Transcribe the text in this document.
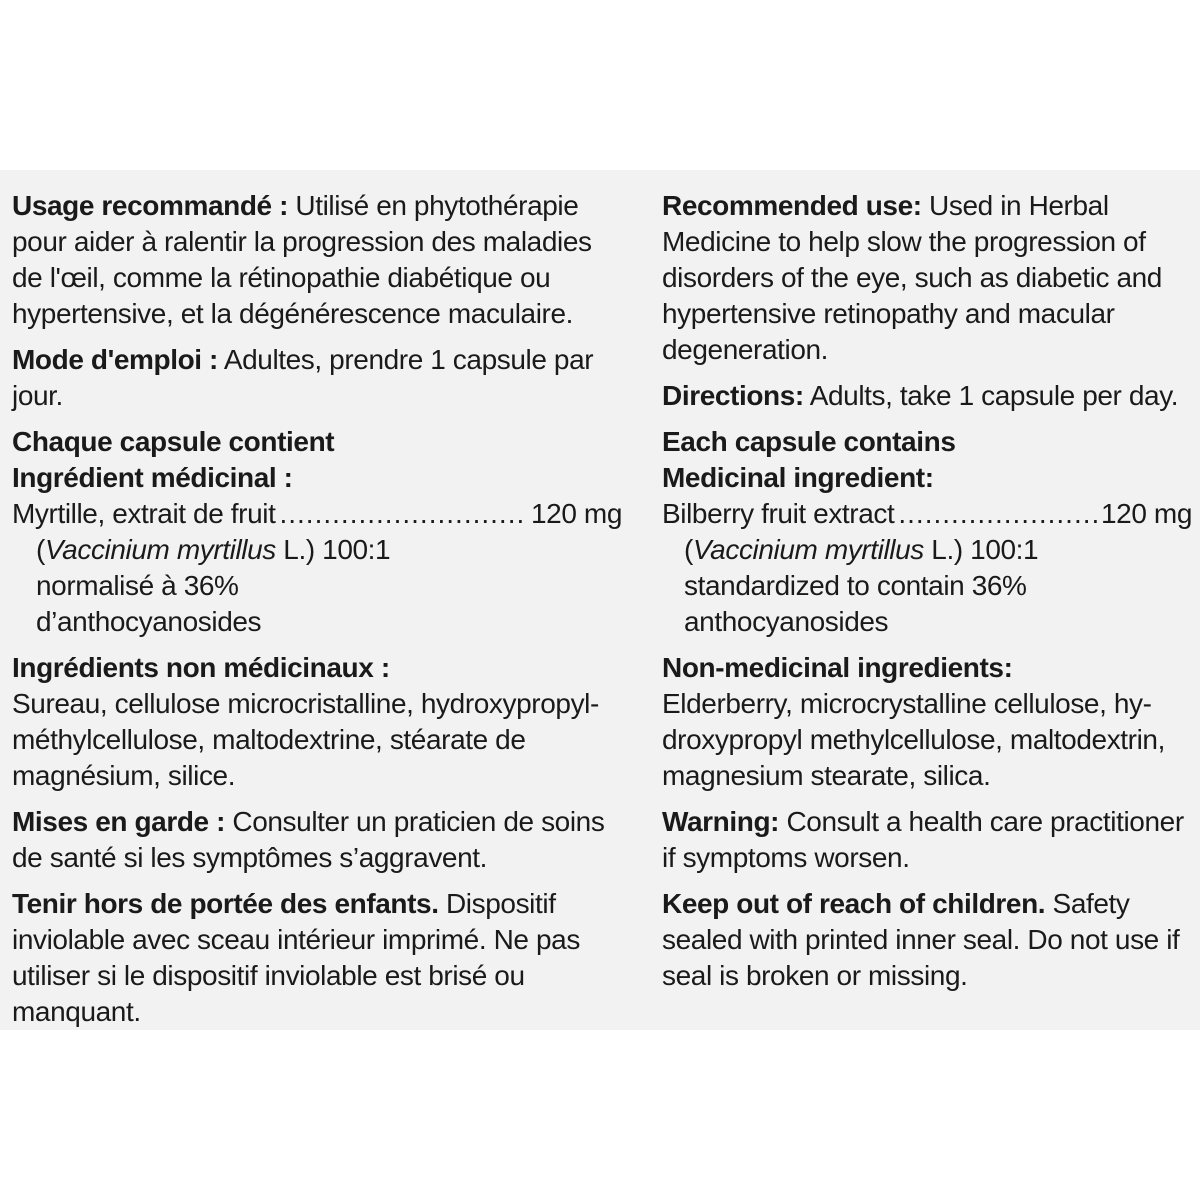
Usage recommandé : Utilisé en phytothérapie

pour aider à ralentir la progression des maladies

de l'œil, comme la rétinopathie diabétique ou

hypertensive, et la dégénérescence maculaire.

Mode d'emploi : Adultes, prendre 1 capsule par

jour.

Chaque capsule contient

Ingrédient médicinal :

Myrtille, extrait de fruit .....	120 mg

(Vaccinium myrtillus L.) 100:1

normalisé à 36%

d’anthocyanosides

Ingrédients non médicinaux :

Sureau, cellulose microcristalline, hydroxypropyl-

méthylcellulose, maltodextrine, stéarate de

magnésium, silice.

Mises en garde : Consulter un praticien de soins

de santé si les symptômes s’aggravent.

Tenir hors de portée des enfants. Dispositif

inviolable avec sceau intérieur imprimé. Ne pas

utiliser si le dispositif inviolable est brisé ou

manquant.

Recommended use: Used in Herbal

Medicine to help slow the progression of

disorders of the eye, such as diabetic and

hypertensive retinopathy and macular

degeneration.

Directions: Adults, take 1 capsule per day.

Each capsule contains

Medicinal ingredient:

Bilberry fruit extract .....	120 mg

(Vaccinium myrtillus L.) 100:1

standardized to contain 36%

anthocyanosides

Non-medicinal ingredients:

Elderberry, microcrystalline cellulose, hy-

droxypropyl methylcellulose, maltodextrin,

magnesium stearate, silica.

Warning: Consult a health care practitioner

if symptoms worsen.

Keep out of reach of children. Safety

sealed with printed inner seal. Do not use if

seal is broken or missing.
